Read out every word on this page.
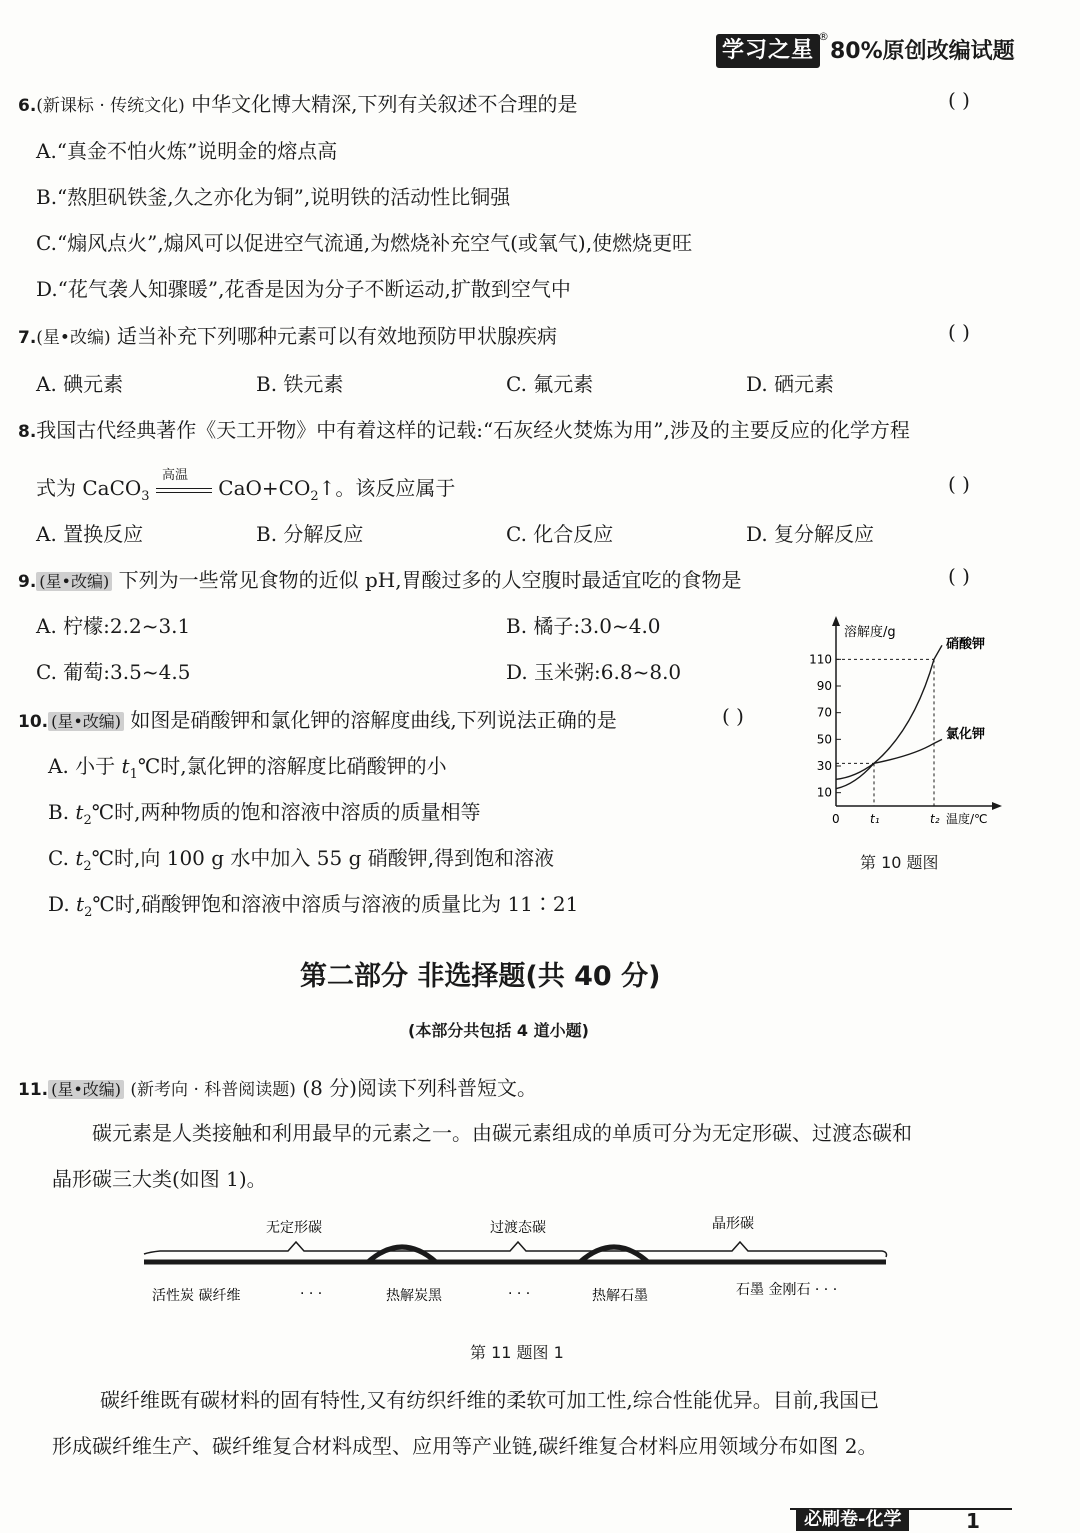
学习之星
®
80%原创改编试题
6.(新课标 · 传统文化) 中华文化博大精深,下列有关叙述不合理的是	( )
A.“真金不怕火炼”说明金的熔点高
B.“熬胆矾铁釜,久之亦化为铜”,说明铁的活动性比铜强
C.“煽风点火”,煽风可以促进空气流通,为燃烧补充空气(或氧气),使燃烧更旺
D.“花气袭人知骤暖”,花香是因为分子不断运动,扩散到空气中
7.(星•改编) 适当补充下列哪种元素可以有效地预防甲状腺疾病	( )
A. 碘元素	B. 铁元素	C. 氟元素	D. 硒元素
8.我国古代经典著作《天工开物》中有着这样的记载:“石灰经火焚炼为用”,涉及的主要反应的化学方程
式为 CaCO$_3$
高温
$CaO+CO_2↑$。该反应属于	( )
A. 置换反应	B. 分解反应	C. 化合反应	D. 复分解反应
9. (星•改编) 下列为一些常见食物的近似 pH,胃酸过多的人空腹时最适宜吃的食物是	( )
A. 柠檬:2.2~3.1	B. 橘子:3.0~4.0
C. 葡萄:3.5~4.5	D. 玉米粥:6.8~8.0
10. (星•改编) 如图是硝酸钾和氯化钾的溶解度曲线,下列说法正确的是	( )
A. 小于 $t_1℃$时,氯化钾的溶解度比硝酸钾的小
B. $t_2℃$时,两种物质的饱和溶液中溶质的质量相等
C. $t_2℃$时,向 100 g 水中加入 55 g 硝酸钾,得到饱和溶液
D. $t_2℃$时,硝酸钾饱和溶液中溶质与溶液的质量比为 11∶21
溶解度/g
温度/℃
10
30
50
70
90
110
0	t₁	t₂
硝酸钾
氯化钾
第 10 题图
第二部分 非选择题(共 40 分)
(本部分共包括 4 道小题)
11. (星•改编) (新考向 · 科普阅读题) (8 分)阅读下列科普短文。
碳元素是人类接触和利用最早的元素之一。由碳元素组成的单质可分为无定形碳、过渡态碳和
晶形碳三大类(如图 1)。
无定形碳	过渡态碳	晶形碳
活性炭 碳纤维	· · ·	热解炭黑	· · ·	热解石墨	石墨 金刚石 · · ·
第 11 题图 1
碳纤维既有碳材料的固有特性,又有纺织纤维的柔软可加工性,综合性能优异。目前,我国已
形成碳纤维生产、碳纤维复合材料成型、应用等产业链,碳纤维复合材料应用领域分布如图 2。
必刷卷-化学	1
